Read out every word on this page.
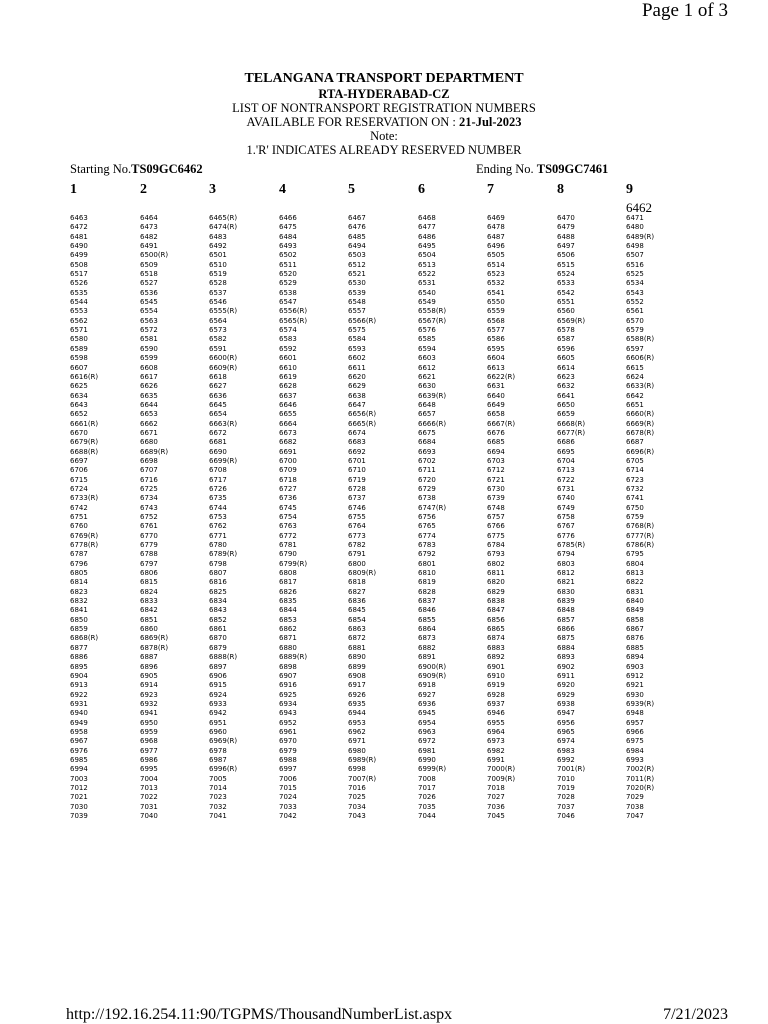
Page 1 of 3
TELANGANA TRANSPORT DEPARTMENT
RTA-HYDERABAD-CZ
LIST OF NONTRANSPORT REGISTRATION NUMBERS
AVAILABLE FOR RESERVATION ON : 21-Jul-2023
Note:
1.'R' INDICATES ALREADY RESERVED NUMBER
Starting No.TS09GC6462	Ending No. TS09GC7461
1	2	3	4	5	6	7	8	9
6462
6463	6464	6465(R)	6466	6467	6468	6469	6470	6471
6472	6473	6474(R)	6475	6476	6477	6478	6479	6480
6481	6482	6483	6484	6485	6486	6487	6488	6489(R)
6490	6491	6492	6493	6494	6495	6496	6497	6498
6499	6500(R)	6501	6502	6503	6504	6505	6506	6507
6508	6509	6510	6511	6512	6513	6514	6515	6516
6517	6518	6519	6520	6521	6522	6523	6524	6525
6526	6527	6528	6529	6530	6531	6532	6533	6534
6535	6536	6537	6538	6539	6540	6541	6542	6543
6544	6545	6546	6547	6548	6549	6550	6551	6552
6553	6554	6555(R)	6556(R)	6557	6558(R)	6559	6560	6561
6562	6563	6564	6565(R)	6566(R)	6567(R)	6568	6569(R)	6570
6571	6572	6573	6574	6575	6576	6577	6578	6579
6580	6581	6582	6583	6584	6585	6586	6587	6588(R)
6589	6590	6591	6592	6593	6594	6595	6596	6597
6598	6599	6600(R)	6601	6602	6603	6604	6605	6606(R)
6607	6608	6609(R)	6610	6611	6612	6613	6614	6615
6616(R)	6617	6618	6619	6620	6621	6622(R)	6623	6624
6625	6626	6627	6628	6629	6630	6631	6632	6633(R)
6634	6635	6636	6637	6638	6639(R)	6640	6641	6642
6643	6644	6645	6646	6647	6648	6649	6650	6651
6652	6653	6654	6655	6656(R)	6657	6658	6659	6660(R)
6661(R)	6662	6663(R)	6664	6665(R)	6666(R)	6667(R)	6668(R)	6669(R)
6670	6671	6672	6673	6674	6675	6676	6677(R)	6678(R)
6679(R)	6680	6681	6682	6683	6684	6685	6686	6687
6688(R)	6689(R)	6690	6691	6692	6693	6694	6695	6696(R)
6697	6698	6699(R)	6700	6701	6702	6703	6704	6705
6706	6707	6708	6709	6710	6711	6712	6713	6714
6715	6716	6717	6718	6719	6720	6721	6722	6723
6724	6725	6726	6727	6728	6729	6730	6731	6732
6733(R)	6734	6735	6736	6737	6738	6739	6740	6741
6742	6743	6744	6745	6746	6747(R)	6748	6749	6750
6751	6752	6753	6754	6755	6756	6757	6758	6759
6760	6761	6762	6763	6764	6765	6766	6767	6768(R)
6769(R)	6770	6771	6772	6773	6774	6775	6776	6777(R)
6778(R)	6779	6780	6781	6782	6783	6784	6785(R)	6786(R)
6787	6788	6789(R)	6790	6791	6792	6793	6794	6795
6796	6797	6798	6799(R)	6800	6801	6802	6803	6804
6805	6806	6807	6808	6809(R)	6810	6811	6812	6813
6814	6815	6816	6817	6818	6819	6820	6821	6822
6823	6824	6825	6826	6827	6828	6829	6830	6831
6832	6833	6834	6835	6836	6837	6838	6839	6840
6841	6842	6843	6844	6845	6846	6847	6848	6849
6850	6851	6852	6853	6854	6855	6856	6857	6858
6859	6860	6861	6862	6863	6864	6865	6866	6867
6868(R)	6869(R)	6870	6871	6872	6873	6874	6875	6876
6877	6878(R)	6879	6880	6881	6882	6883	6884	6885
6886	6887	6888(R)	6889(R)	6890	6891	6892	6893	6894
6895	6896	6897	6898	6899	6900(R)	6901	6902	6903
6904	6905	6906	6907	6908	6909(R)	6910	6911	6912
6913	6914	6915	6916	6917	6918	6919	6920	6921
6922	6923	6924	6925	6926	6927	6928	6929	6930
6931	6932	6933	6934	6935	6936	6937	6938	6939(R)
6940	6941	6942	6943	6944	6945	6946	6947	6948
6949	6950	6951	6952	6953	6954	6955	6956	6957
6958	6959	6960	6961	6962	6963	6964	6965	6966
6967	6968	6969(R)	6970	6971	6972	6973	6974	6975
6976	6977	6978	6979	6980	6981	6982	6983	6984
6985	6986	6987	6988	6989(R)	6990	6991	6992	6993
6994	6995	6996(R)	6997	6998	6999(R)	7000(R)	7001(R)	7002(R)
7003	7004	7005	7006	7007(R)	7008	7009(R)	7010	7011(R)
7012	7013	7014	7015	7016	7017	7018	7019	7020(R)
7021	7022	7023	7024	7025	7026	7027	7028	7029
7030	7031	7032	7033	7034	7035	7036	7037	7038
7039	7040	7041	7042	7043	7044	7045	7046	7047
http://192.16.254.11:90/TGPMS/ThousandNumberList.aspx	7/21/2023
